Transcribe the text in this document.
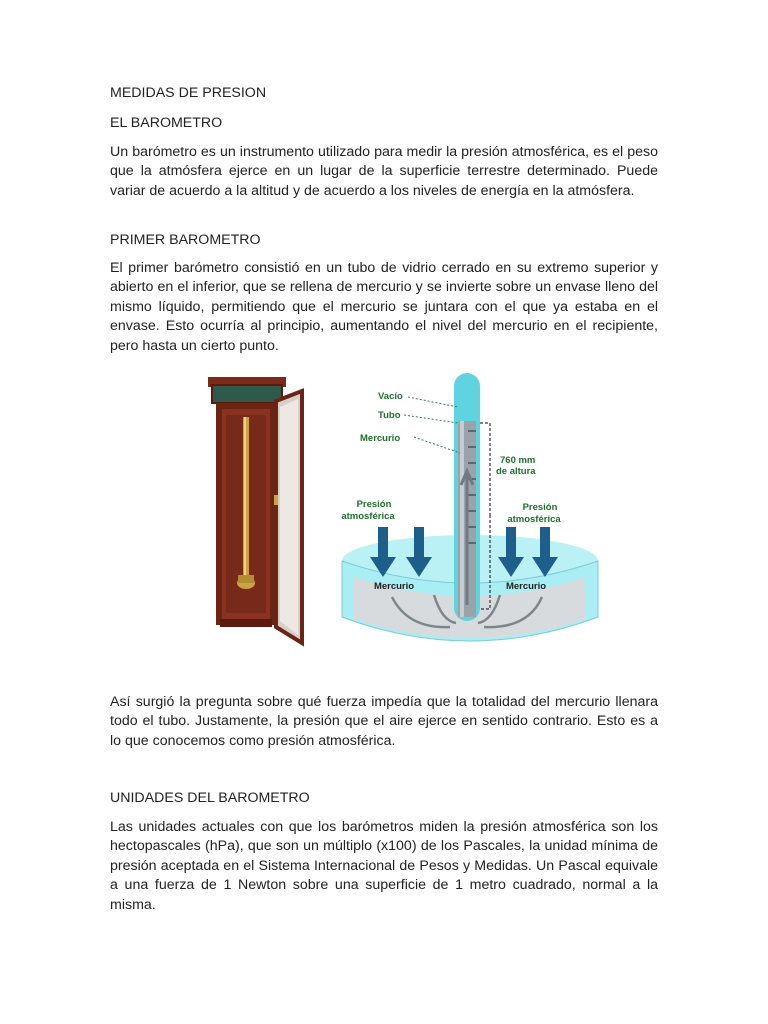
MEDIDAS DE PRESION
EL BAROMETRO

Un barómetro es un instrumento utilizado para medir la presión atmosférica, es el peso que la atmósfera ejerce en un lugar de la superficie terrestre determinado. Puede variar de acuerdo a la altitud y de acuerdo a los niveles de energía en la atmósfera.

PRIMER BAROMETRO

El primer barómetro consistió en un tubo de vidrio cerrado en su extremo superior y abierto en el inferior, que se rellena de mercurio y se invierte sobre un envase lleno del mismo líquido, permitiendo que el mercurio se juntara con el que ya estaba en el envase. Esto ocurría al principio, aumentando el nivel del mercurio en el recipiente, pero hasta un cierto punto.

Vacío
Tubo
Mercurio
760 mm
de altura
Presión
atmosférica
Presión
atmosférica
Mercurio	Mercurio

Así surgió la pregunta sobre qué fuerza impedía que la totalidad del mercurio llenara todo el tubo. Justamente, la presión que el aire ejerce en sentido contrario. Esto es a lo que conocemos como presión atmosférica.

UNIDADES DEL BAROMETRO

Las unidades actuales con que los barómetros miden la presión atmosférica son los hectopascales (hPa), que son un múltiplo (x100) de los Pascales, la unidad mínima de presión aceptada en el Sistema Internacional de Pesos y Medidas. Un Pascal equivale a una fuerza de 1 Newton sobre una superficie de 1 metro cuadrado, normal a la misma.
